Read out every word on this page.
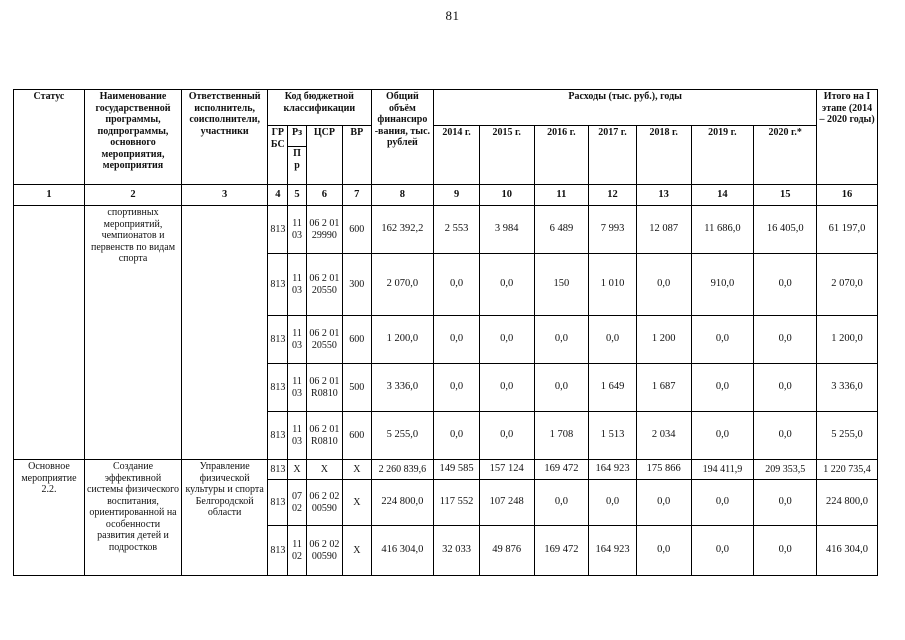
81
Статус	Наименование государственной программы, подпрограммы, основного мероприятия, мероприятия	Ответственный исполнитель, соисполнители, участники	Код бюджетной классификации				Общий объём финансиро -вания, тыс. рублей	Расходы (тыс. руб.), годы							Итого на I этапе (2014 – 2020 годы)
			ГР БС	Рз	ЦСР	ВР		2014 г.	2015 г.	2016 г.	2017 г.	2018 г.	2019 г.	2020 г.*	
				Пр											
1	2	3	4	5	6	7	8	9	10	11	12	13	14	15	16
	спортивных мероприятий, чемпионатов и первенств по видам спорта		813	11 03	06 2 01 29990	600	162 392,2	2 553	3 984	6 489	7 993	12 087	11 686,0	16 405,0	61 197,0
			813	11 03	06 2 01 20550	300	2 070,0	0,0	0,0	150	1 010	0,0	910,0	0,0	2 070,0
			813	11 03	06 2 01 20550	600	1 200,0	0,0	0,0	0,0	0,0	1 200	0,0	0,0	1 200,0
			813	11 03	06 2 01 R0810	500	3 336,0	0,0	0,0	0,0	1 649	1 687	0,0	0,0	3 336,0
			813	11 03	06 2 01 R0810	600	5 255,0	0,0	0,0	1 708	1 513	2 034	0,0	0,0	5 255,0
Основное мероприятие 2.2.	Создание эффективной системы физического воспитания, ориентированной на особенности развития детей и подростков	Управление физической культуры и спорта Белгородской области	813	X	X	X	2 260 839,6	149 585	157 124	169 472	164 923	175 866	194 411,9	209 353,5	1 220 735,4
			813	07 02	06 2 02 00590	X	224 800,0	117 552	107 248	0,0	0,0	0,0	0,0	0,0	224 800,0
			813	11 02	06 2 02 00590	X	416 304,0	32 033	49 876	169 472	164 923	0,0	0,0	0,0	416 304,0
